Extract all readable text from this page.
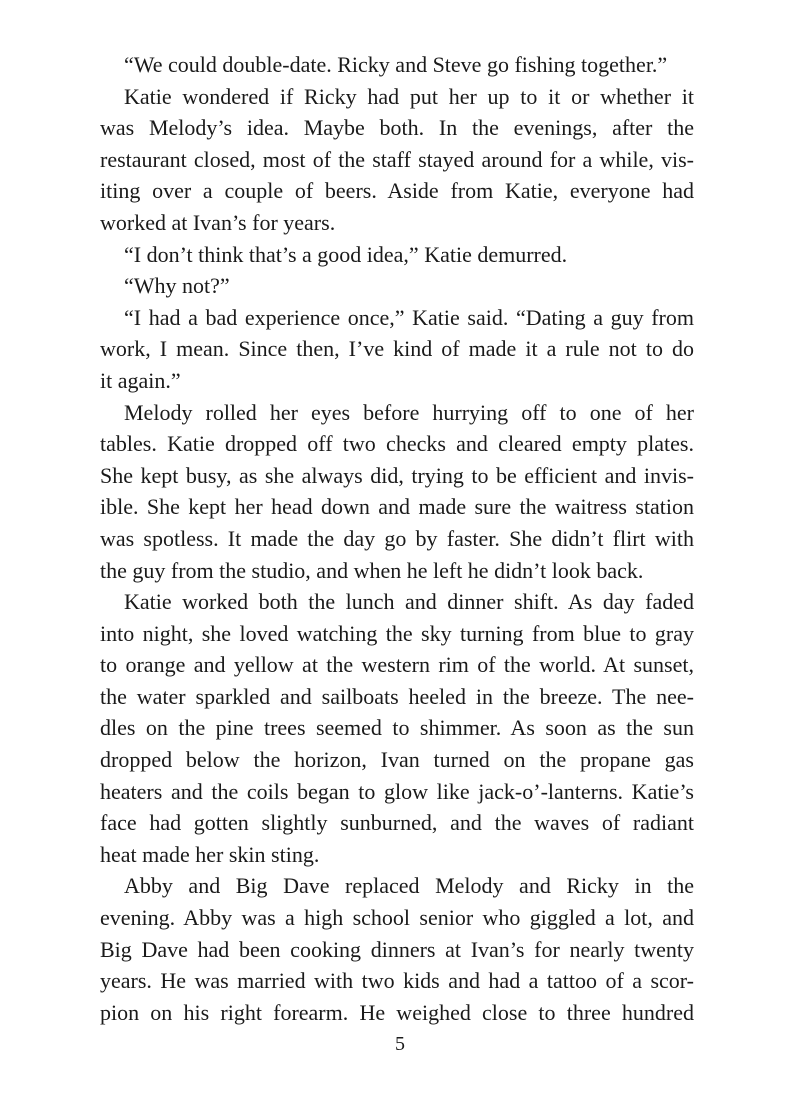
“We could double-date. Ricky and Steve go fishing together.”
Katie wondered if Ricky had put her up to it or whether it
was Melody’s idea. Maybe both. In the evenings, after the
restaurant closed, most of the staff stayed around for a while, vis-
iting over a couple of beers. Aside from Katie, everyone had
worked at Ivan’s for years.
“I don’t think that’s a good idea,” Katie demurred.
“Why not?”
“I had a bad experience once,” Katie said. “Dating a guy from
work, I mean. Since then, I’ve kind of made it a rule not to do
it again.”
Melody rolled her eyes before hurrying off to one of her
tables. Katie dropped off two checks and cleared empty plates.
She kept busy, as she always did, trying to be efficient and invis-
ible. She kept her head down and made sure the waitress station
was spotless. It made the day go by faster. She didn’t flirt with
the guy from the studio, and when he left he didn’t look back.
Katie worked both the lunch and dinner shift. As day faded
into night, she loved watching the sky turning from blue to gray
to orange and yellow at the western rim of the world. At sunset,
the water sparkled and sailboats heeled in the breeze. The nee-
dles on the pine trees seemed to shimmer. As soon as the sun
dropped below the horizon, Ivan turned on the propane gas
heaters and the coils began to glow like jack-o’-lanterns. Katie’s
face had gotten slightly sunburned, and the waves of radiant
heat made her skin sting.
Abby and Big Dave replaced Melody and Ricky in the
evening. Abby was a high school senior who giggled a lot, and
Big Dave had been cooking dinners at Ivan’s for nearly twenty
years. He was married with two kids and had a tattoo of a scor-
pion on his right forearm. He weighed close to three hundred
5
